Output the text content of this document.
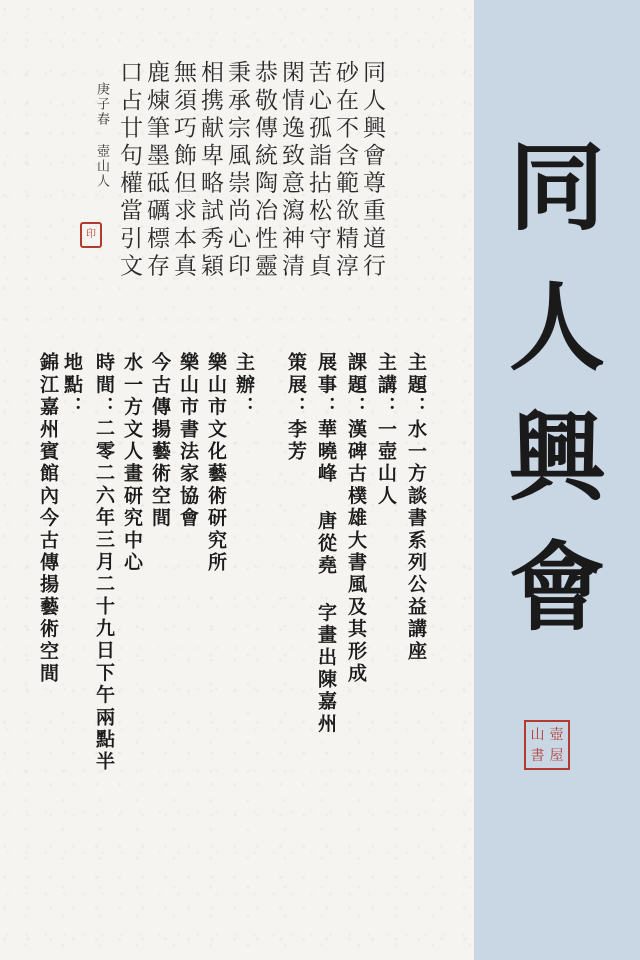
同
人
興
會
山 壺
書 屋
同人興會尊重道行
砂在不含範欲精淳
苦心孤詣拈松守貞
閑情逸致意瀉神清
恭敬傳統陶冶性靈
秉承宗風崇尚心印
相携献卑略試秀穎
無須巧飾但求本真
鹿煉筆墨砥礪標存
口占廿句權當引文
庚子春 壺山人
印
主題：水一方談書系列公益講座
主講：一壺山人
課題：漢碑古樸雄大書風及其形成
展事：華曉峰 唐從堯 字畫出陳嘉州
策展：李芳
主辦：
樂山市文化藝術研究所
樂山市書法家協會
今古傳揚藝術空間
水一方文人畫研究中心
時間：
二零二六年三月二十九日下午兩點半
地點：
錦江嘉州賓館內今古傳揚藝術空間
